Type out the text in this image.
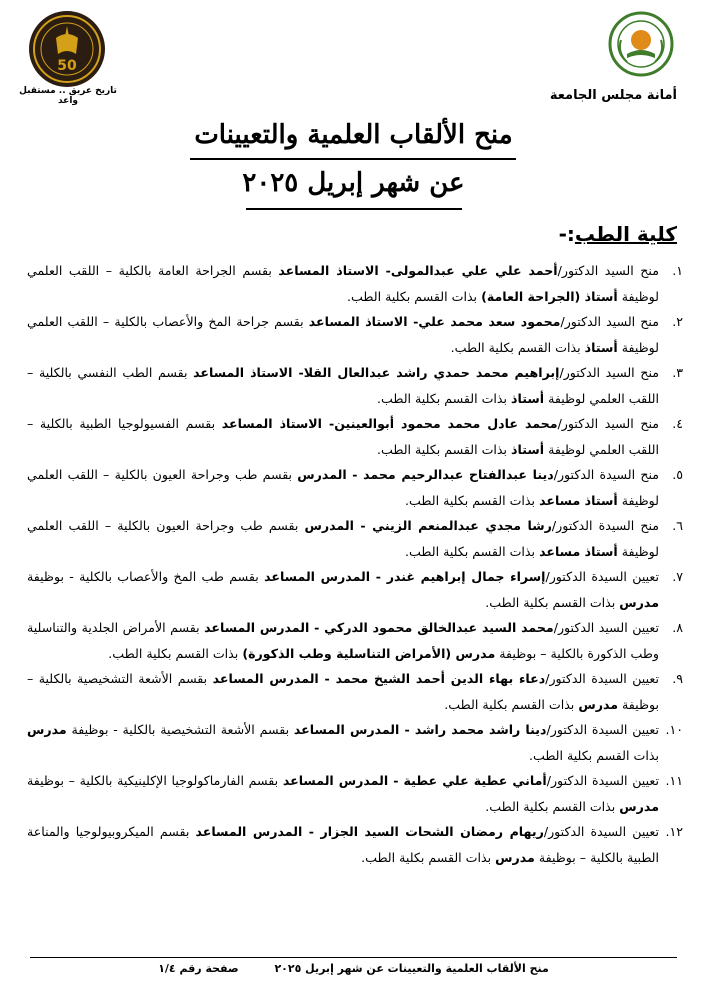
أمانة مجلس الجامعة
50
تاريخ عريق .. مستقبل واعد
منح الألقاب العلمية والتعيينات
عن شهر إبريل ٢٠٢٥
كلية الطب:-
١.
منح السيد الدكتور/أحمد علي علي عبدالمولى- الاستاذ المساعد بقسم الجراحة العامة بالكلية – اللقب العلمي لوظيفة أستاذ (الجراحة العامة) بذات القسم بكلية الطب.
٢.
منح السيد الدكتور/محمود سعد محمد علي- الاستاذ المساعد بقسم جراحة المخ والأعصاب بالكلية – اللقب العلمي لوظيفة أستاذ بذات القسم بكلية الطب.
٣.
منح السيد الدكتور/إبراهيم محمد حمدي راشد عبدالعال القلا- الاستاذ المساعد بقسم الطب النفسي بالكلية – اللقب العلمي لوظيفة أستاذ بذات القسم بكلية الطب.
٤.
منح السيد الدكتور/محمد عادل محمد محمود أبوالعينين- الاستاذ المساعد بقسم الفسيولوجيا الطبية بالكلية – اللقب العلمي لوظيفة أستاذ بذات القسم بكلية الطب.
٥.
منح السيدة الدكتور/دينا عبدالفتاح عبدالرحيم محمد - المدرس بقسم طب وجراحة العيون بالكلية – اللقب العلمي لوظيفة أستاذ مساعد بذات القسم بكلية الطب.
٦.
منح السيدة الدكتور/رشا مجدي عبدالمنعم الزيني - المدرس بقسم طب وجراحة العيون بالكلية – اللقب العلمي لوظيفة أستاذ مساعد بذات القسم بكلية الطب.
٧.
تعيين السيدة الدكتور/إسراء جمال إبراهيم غندر - المدرس المساعد بقسم طب المخ والأعصاب بالكلية - بوظيفة مدرس بذات القسم بكلية الطب.
٨.
تعيين السيد الدكتور/محمد السيد عبدالخالق محمود الدركي - المدرس المساعد بقسم الأمراض الجلدية والتناسلية وطب الذكورة بالكلية – بوظيفة مدرس (الأمراض التناسلية وطب الذكورة) بذات القسم بكلية الطب.
٩.
تعيين السيدة الدكتور/دعاء بهاء الدين أحمد الشيخ محمد - المدرس المساعد بقسم الأشعة التشخيصية بالكلية – بوظيفة مدرس بذات القسم بكلية الطب.
١٠.
تعيين السيدة الدكتور/دينا راشد محمد راشد - المدرس المساعد بقسم الأشعة التشخيصية بالكلية - بوظيفة مدرس بذات القسم بكلية الطب.
١١.
تعيين السيدة الدكتور/أماني عطية علي عطية - المدرس المساعد بقسم الفارماكولوجيا الإكلينيكية بالكلية – بوظيفة مدرس بذات القسم بكلية الطب.
١٢.
تعيين السيدة الدكتور/ريهام رمضان الشحات السيد الجزار - المدرس المساعد بقسم الميكروبيولوجيا والمناعة الطبية بالكلية – بوظيفة مدرس بذات القسم بكلية الطب.
منح الألقاب العلمية والتعيينات عن شهر إبريل ٢٠٢٥ صفحة رقم ١/٤
